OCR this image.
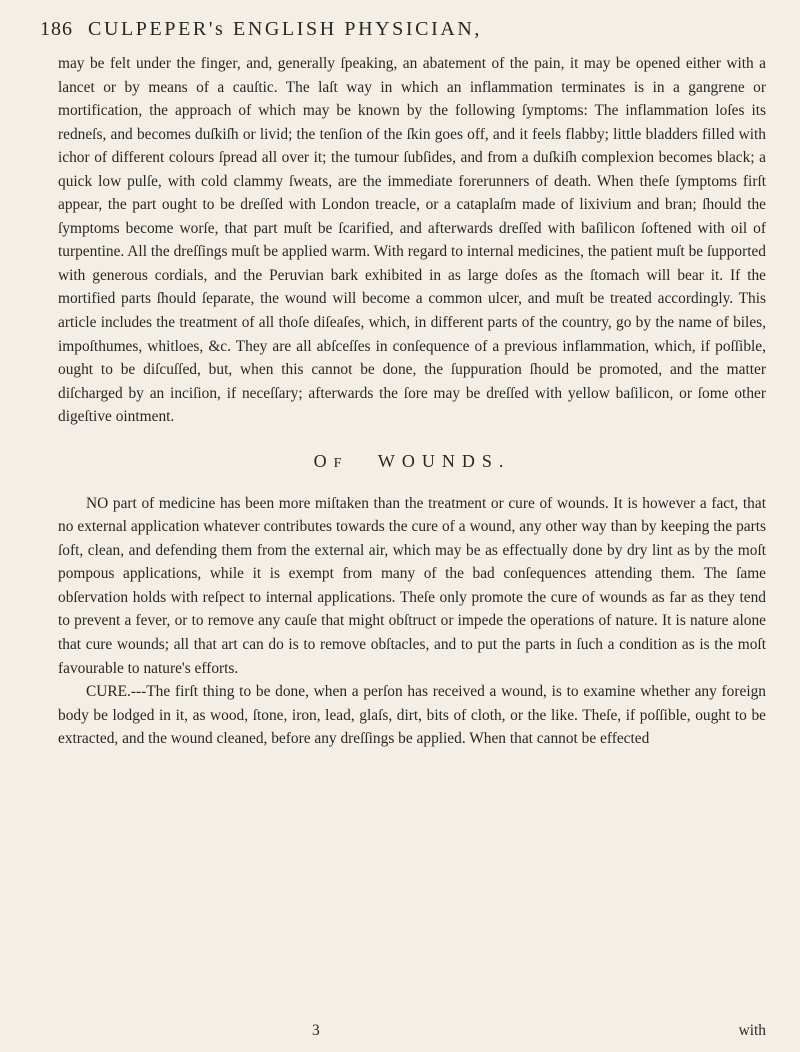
186 CULPEPER's ENGLISH PHYSICIAN,

may be felt under the finger, and, generally ſpeaking, an abatement of the pain, it may be opened either with a lancet or by means of a cauſtic. The laſt way in which an inflammation terminates is in a gangrene or mortification, the approach of which may be known by the following ſymptoms: The inflammation loſes its redneſs, and becomes duſkiſh or livid; the tenſion of the ſkin goes off, and it feels flabby; little bladders filled with ichor of different colours ſpread all over it; the tumour ſubſides, and from a duſkiſh complexion becomes black; a quick low pulſe, with cold clammy ſweats, are the immediate forerunners of death. When theſe ſymptoms firſt appear, the part ought to be dreſſed with London treacle, or a cataplaſm made of lixivium and bran; ſhould the ſymptoms become worſe, that part muſt be ſcarified, and afterwards dreſſed with baſilicon ſoftened with oil of turpentine. All the dreſſings muſt be applied warm. With regard to internal medicines, the patient muſt be ſupported with generous cordials, and the Peruvian bark exhibited in as large doſes as the ſtomach will bear it. If the mortified parts ſhould ſeparate, the wound will become a common ulcer, and muſt be treated accordingly. This article includes the treatment of all thoſe diſeaſes, which, in different parts of the country, go by the name of biles, impoſthumes, whitloes, &c. They are all abſceſſes in conſequence of a previous inflammation, which, if poſſible, ought to be diſcuſſed, but, when this cannot be done, the ſuppuration ſhould be promoted, and the matter diſcharged by an inciſion, if neceſſary; afterwards the ſore may be dreſſed with yellow baſilicon, or ſome other digeſtive ointment.

OF WOUNDS.

NO part of medicine has been more miſtaken than the treatment or cure of wounds. It is however a fact, that no external application whatever contributes towards the cure of a wound, any other way than by keeping the parts ſoft, clean, and defending them from the external air, which may be as effectually done by dry lint as by the moſt pompous applications, while it is exempt from many of the bad conſequences attending them. The ſame obſervation holds with reſpect to internal applications. Theſe only promote the cure of wounds as far as they tend to prevent a fever, or to remove any cauſe that might obſtruct or impede the operations of nature. It is nature alone that cure wounds; all that art can do is to remove obſtacles, and to put the parts in ſuch a condition as is the moſt favourable to nature's efforts.

CURE.---The firſt thing to be done, when a perſon has received a wound, is to examine whether any foreign body be lodged in it, as wood, ſtone, iron, lead, glaſs, dirt, bits of cloth, or the like. Theſe, if poſſible, ought to be extracted, and the wound cleaned, before any dreſſings be applied. When that cannot be effected

3	with
